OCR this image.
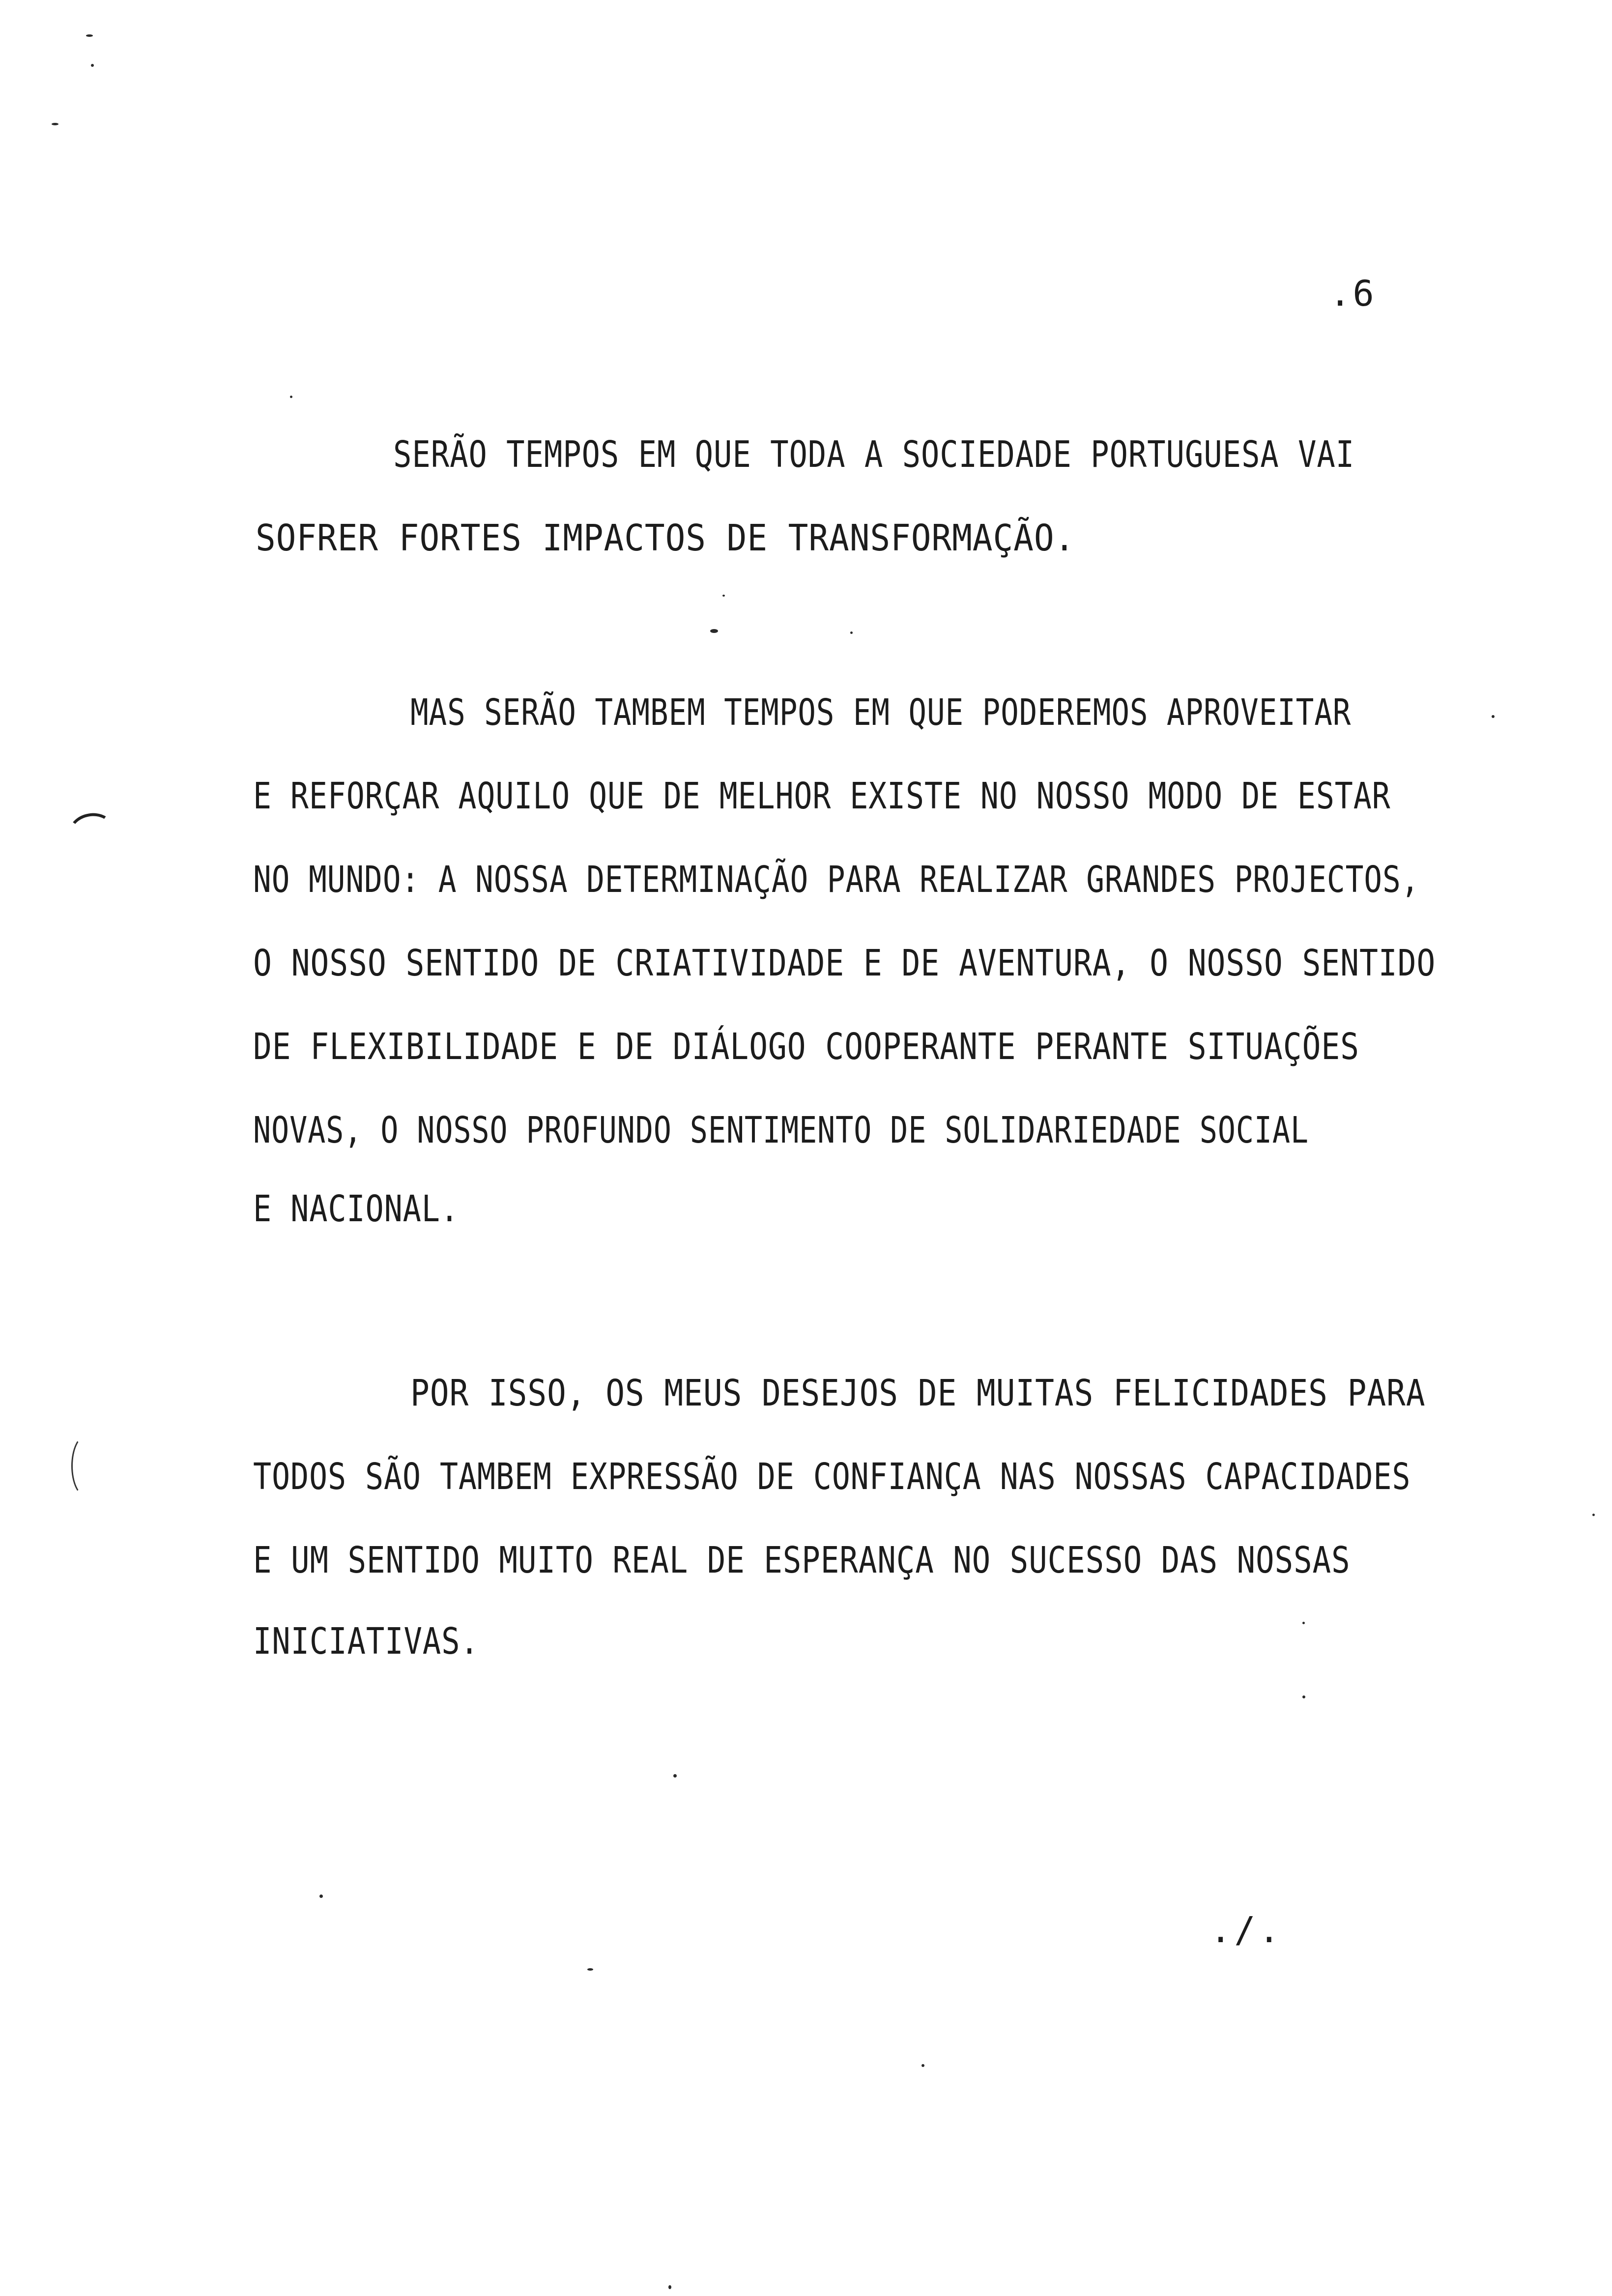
.6
SERÃO TEMPOS EM QUE TODA A SOCIEDADE PORTUGUESA VAI
SOFRER FORTES IMPACTOS DE TRANSFORMAÇÃO.
MAS SERÃO TAMBEM TEMPOS EM QUE PODEREMOS APROVEITAR
E REFORÇAR AQUILO QUE DE MELHOR EXISTE NO NOSSO MODO DE ESTAR
NO MUNDO: A NOSSA DETERMINAÇÃO PARA REALIZAR GRANDES PROJECTOS,
O NOSSO SENTIDO DE CRIATIVIDADE E DE AVENTURA, O NOSSO SENTIDO
DE FLEXIBILIDADE E DE DIÁLOGO COOPERANTE PERANTE SITUAÇÕES
NOVAS, O NOSSO PROFUNDO SENTIMENTO DE SOLIDARIEDADE SOCIAL
E NACIONAL.
POR ISSO, OS MEUS DESEJOS DE MUITAS FELICIDADES PARA
TODOS SÃO TAMBEM EXPRESSÃO DE CONFIANÇA NAS NOSSAS CAPACIDADES
E UM SENTIDO MUITO REAL DE ESPERANÇA NO SUCESSO DAS NOSSAS
INICIATIVAS.
./.
